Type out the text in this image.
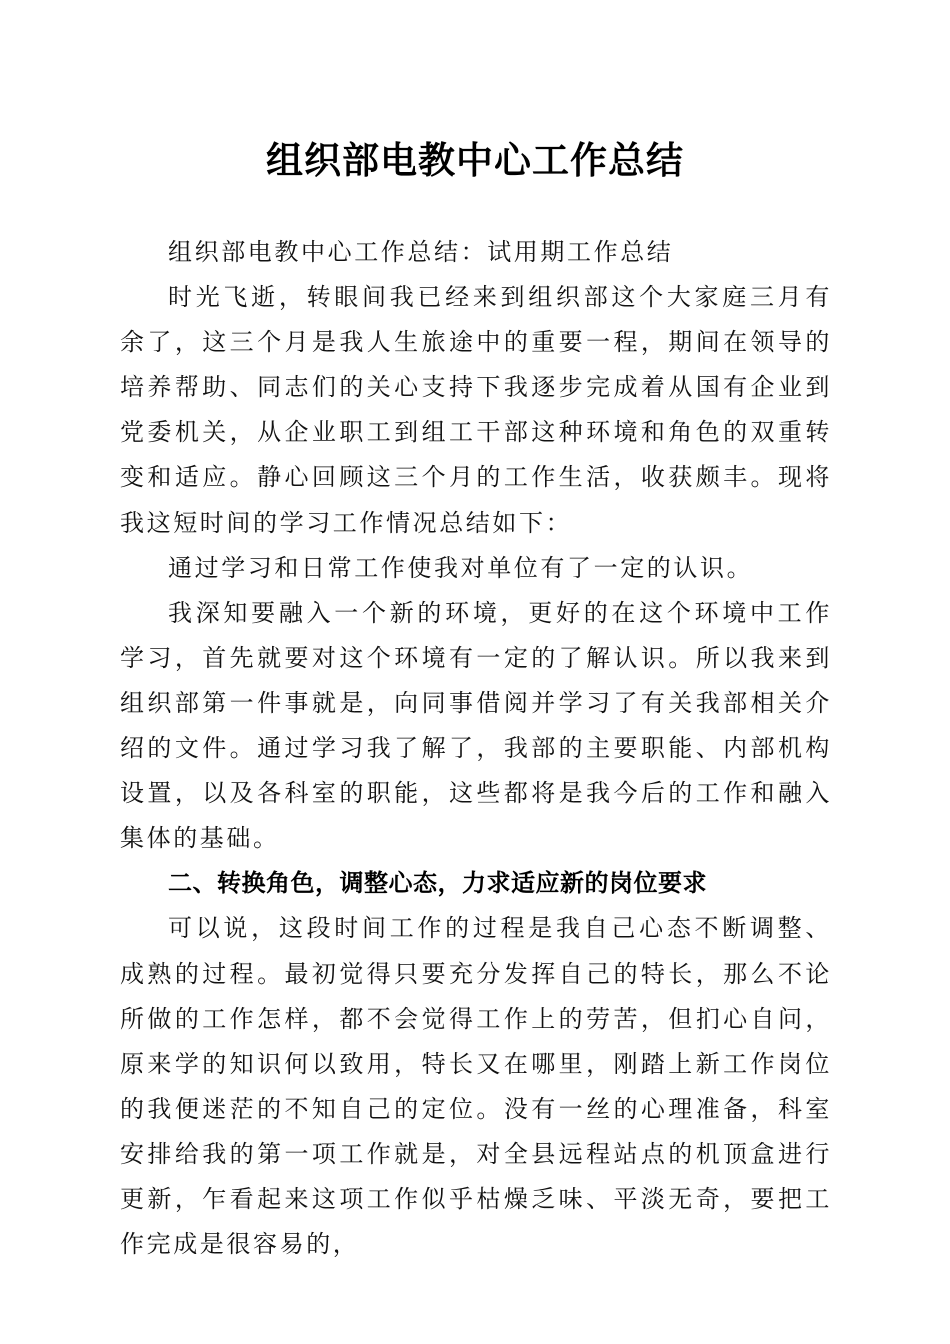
组织部电教中心工作总结

组织部电教中心工作总结：试用期工作总结

时光飞逝，转眼间我已经来到组织部这个大家庭三月有余了，这三个月是我人生旅途中的重要一程，期间在领导的培养帮助、同志们的关心支持下我逐步完成着从国有企业到党委机关，从企业职工到组工干部这种环境和角色的双重转变和适应。静心回顾这三个月的工作生活，收获颇丰。现将我这短时间的学习工作情况总结如下：

通过学习和日常工作使我对单位有了一定的认识。

我深知要融入一个新的环境，更好的在这个环境中工作学习，首先就要对这个环境有一定的了解认识。所以我来到组织部第一件事就是，向同事借阅并学习了有关我部相关介绍的文件。通过学习我了解了，我部的主要职能、内部机构设置，以及各科室的职能，这些都将是我今后的工作和融入集体的基础。

二、转换角色，调整心态，力求适应新的岗位要求

可以说，这段时间工作的过程是我自己心态不断调整、成熟的过程。最初觉得只要充分发挥自己的特长，那么不论所做的工作怎样，都不会觉得工作上的劳苦，但扪心自问，原来学的知识何以致用，特长又在哪里，刚踏上新工作岗位的我便迷茫的不知自己的定位。没有一丝的心理准备，科室安排给我的第一项工作就是，对全县远程站点的机顶盒进行更新，乍看起来这项工作似乎枯燥乏味、平淡无奇，要把工作完成是很容易的，
